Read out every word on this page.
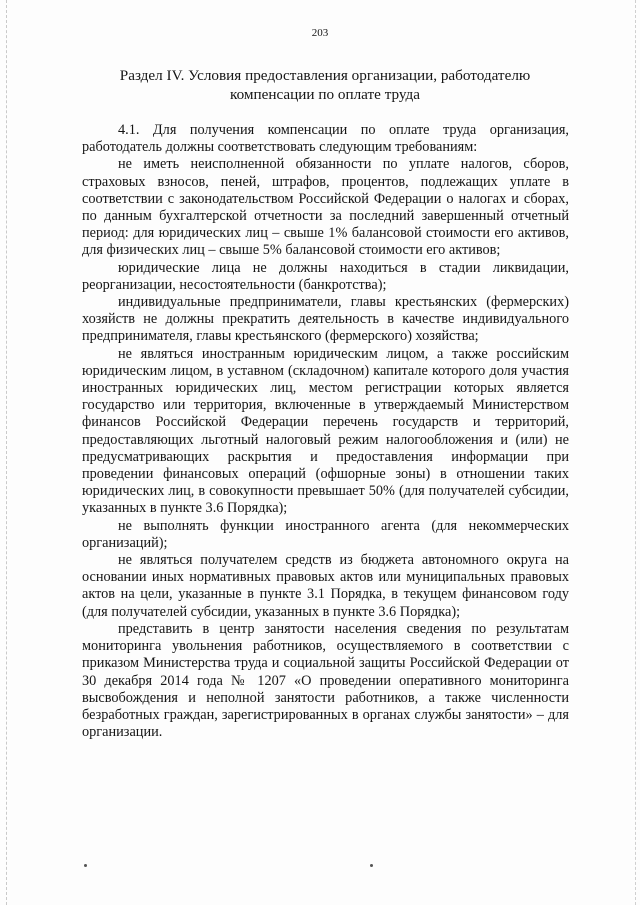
203
Раздел IV. Условия предоставления организации, работодателю компенсации по оплате труда

4.1. Для получения компенсации по оплате труда организация, работодатель должны соответствовать следующим требованиям:

не иметь неисполненной обязанности по уплате налогов, сборов, страховых взносов, пеней, штрафов, процентов, подлежащих уплате в соответствии с законодательством Российской Федерации о налогах и сборах, по данным бухгалтерской отчетности за последний завершенный отчетный период: для юридических лиц – свыше 1% балансовой стоимости его активов, для физических лиц – свыше 5% балансовой стоимости его активов;

юридические лица не должны находиться в стадии ликвидации, реорганизации, несостоятельности (банкротства);

индивидуальные предприниматели, главы крестьянских (фермерских) хозяйств не должны прекратить деятельность в качестве индивидуального предпринимателя, главы крестьянского (фермерского) хозяйства;

не являться иностранным юридическим лицом, а также российским юридическим лицом, в уставном (складочном) капитале которого доля участия иностранных юридических лиц, местом регистрации которых является государство или территория, включенные в утверждаемый Министерством финансов Российской Федерации перечень государств и территорий, предоставляющих льготный налоговый режим налогообложения и (или) не предусматривающих раскрытия и предоставления информации при проведении финансовых операций (офшорные зоны) в отношении таких юридических лиц, в совокупности превышает 50% (для получателей субсидии, указанных в пункте 3.6 Порядка);

не выполнять функции иностранного агента (для некоммерческих организаций);

не являться получателем средств из бюджета автономного округа на основании иных нормативных правовых актов или муниципальных правовых актов на цели, указанные в пункте 3.1 Порядка, в текущем финансовом году (для получателей субсидии, указанных в пункте 3.6 Порядка);

представить в центр занятости населения сведения по результатам мониторинга увольнения работников, осуществляемого в соответствии с приказом Министерства труда и социальной защиты Российской Федерации от 30 декабря 2014 года № 1207 «О проведении оперативного мониторинга высвобождения и неполной занятости работников, а также численности безработных граждан, зарегистрированных в органах службы занятости» – для организации.
